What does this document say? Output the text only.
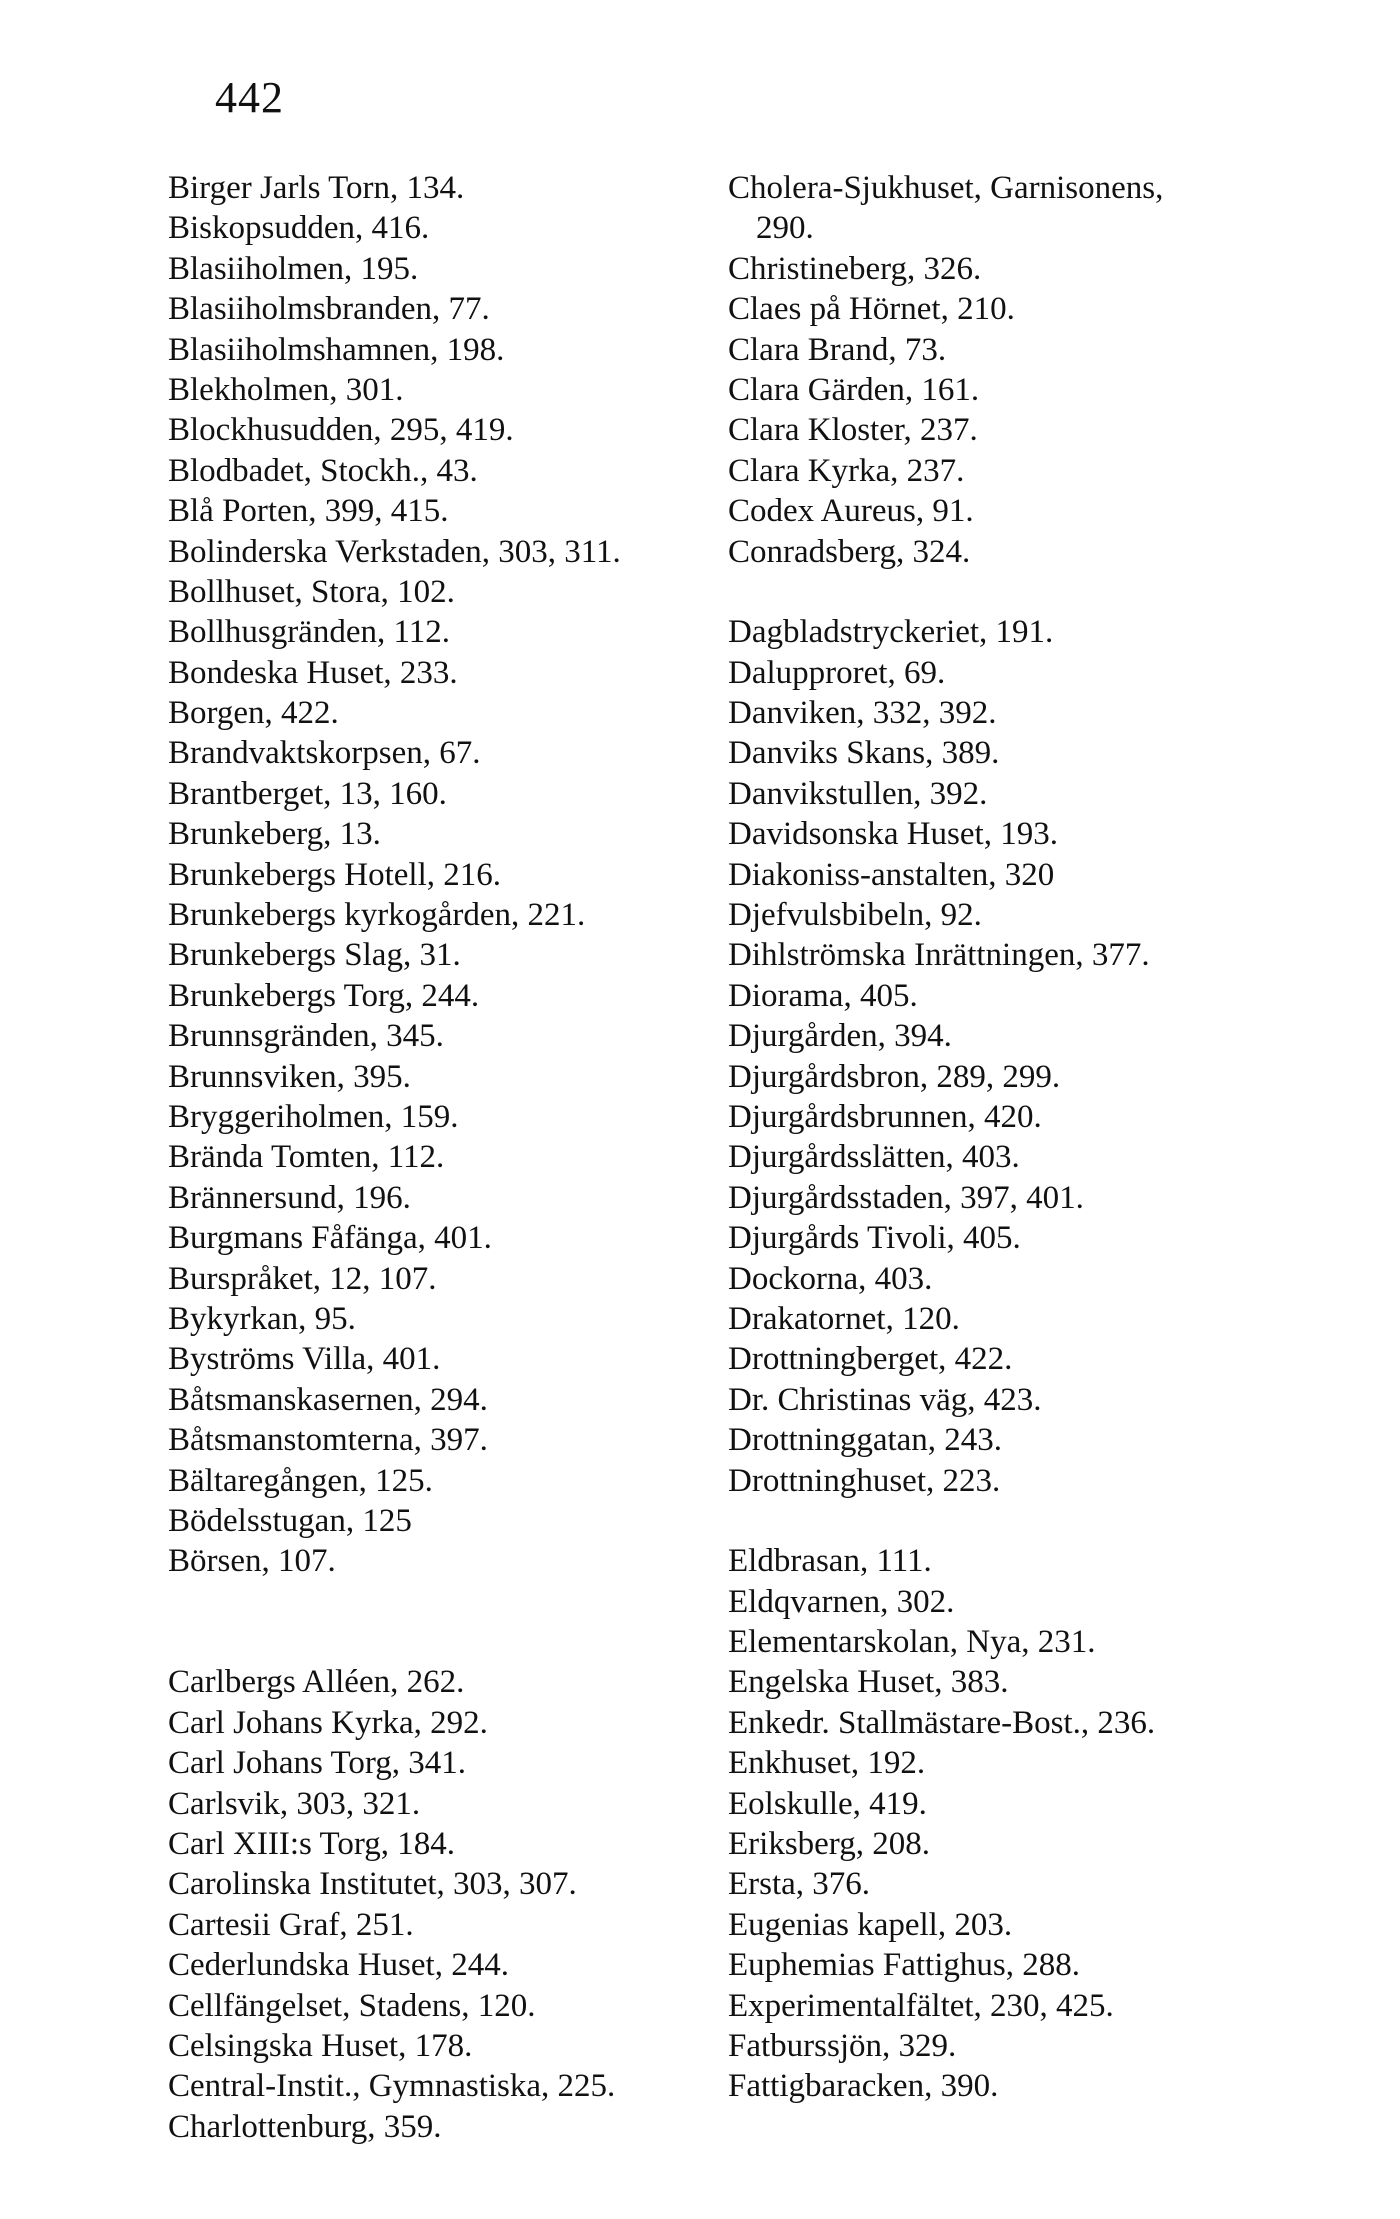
442
Birger Jarls Torn, 134.
Biskopsudden, 416.
Blasiiholmen, 195.
Blasiiholmsbranden, 77.
Blasiiholmshamnen, 198.
Blekholmen, 301.
Blockhusudden, 295, 419.
Blodbadet, Stockh., 43.
Blå Porten, 399, 415.
Bolinderska Verkstaden, 303, 311.
Bollhuset, Stora, 102.
Bollhusgränden, 112.
Bondeska Huset, 233.
Borgen, 422.
Brandvaktskorpsen, 67.
Brantberget, 13, 160.
Brunkeberg, 13.
Brunkebergs Hotell, 216.
Brunkebergs kyrkogården, 221.
Brunkebergs Slag, 31.
Brunkebergs Torg, 244.
Brunnsgränden, 345.
Brunnsviken, 395.
Bryggeriholmen, 159.
Brända Tomten, 112.
Brännersund, 196.
Burgmans Fåfänga, 401.
Burspråket, 12, 107.
Bykyrkan, 95.
Byströms Villa, 401.
Båtsmanskasernen, 294.
Båtsmanstomterna, 397.
Bältaregången, 125.
Bödelsstugan, 125
Börsen, 107.
Carlbergs Alléen, 262.
Carl Johans Kyrka, 292.
Carl Johans Torg, 341.
Carlsvik, 303, 321.
Carl XIII:s Torg, 184.
Carolinska Institutet, 303, 307.
Cartesii Graf, 251.
Cederlundska Huset, 244.
Cellfängelset, Stadens, 120.
Celsingska Huset, 178.
Central-Instit., Gymnastiska, 225.
Charlottenburg, 359.
Cholera-Sjukhuset, Garnisonens,
290.
Christineberg, 326.
Claes på Hörnet, 210.
Clara Brand, 73.
Clara Gärden, 161.
Clara Kloster, 237.
Clara Kyrka, 237.
Codex Aureus, 91.
Conradsberg, 324.
Dagbladstryckeriet, 191.
Dalupproret, 69.
Danviken, 332, 392.
Danviks Skans, 389.
Danvikstullen, 392.
Davidsonska Huset, 193.
Diakoniss-anstalten, 320
Djefvulsbibeln, 92.
Dihlströmska Inrättningen, 377.
Diorama, 405.
Djurgården, 394.
Djurgårdsbron, 289, 299.
Djurgårdsbrunnen, 420.
Djurgårdsslätten, 403.
Djurgårdsstaden, 397, 401.
Djurgårds Tivoli, 405.
Dockorna, 403.
Drakatornet, 120.
Drottningberget, 422.
Dr. Christinas väg, 423.
Drottninggatan, 243.
Drottninghuset, 223.
Eldbrasan, 111.
Eldqvarnen, 302.
Elementarskolan, Nya, 231.
Engelska Huset, 383.
Enkedr. Stallmästare-Bost., 236.
Enkhuset, 192.
Eolskulle, 419.
Eriksberg, 208.
Ersta, 376.
Eugenias kapell, 203.
Euphemias Fattighus, 288.
Experimentalfältet, 230, 425.
Fatburssjön, 329.
Fattigbaracken, 390.
